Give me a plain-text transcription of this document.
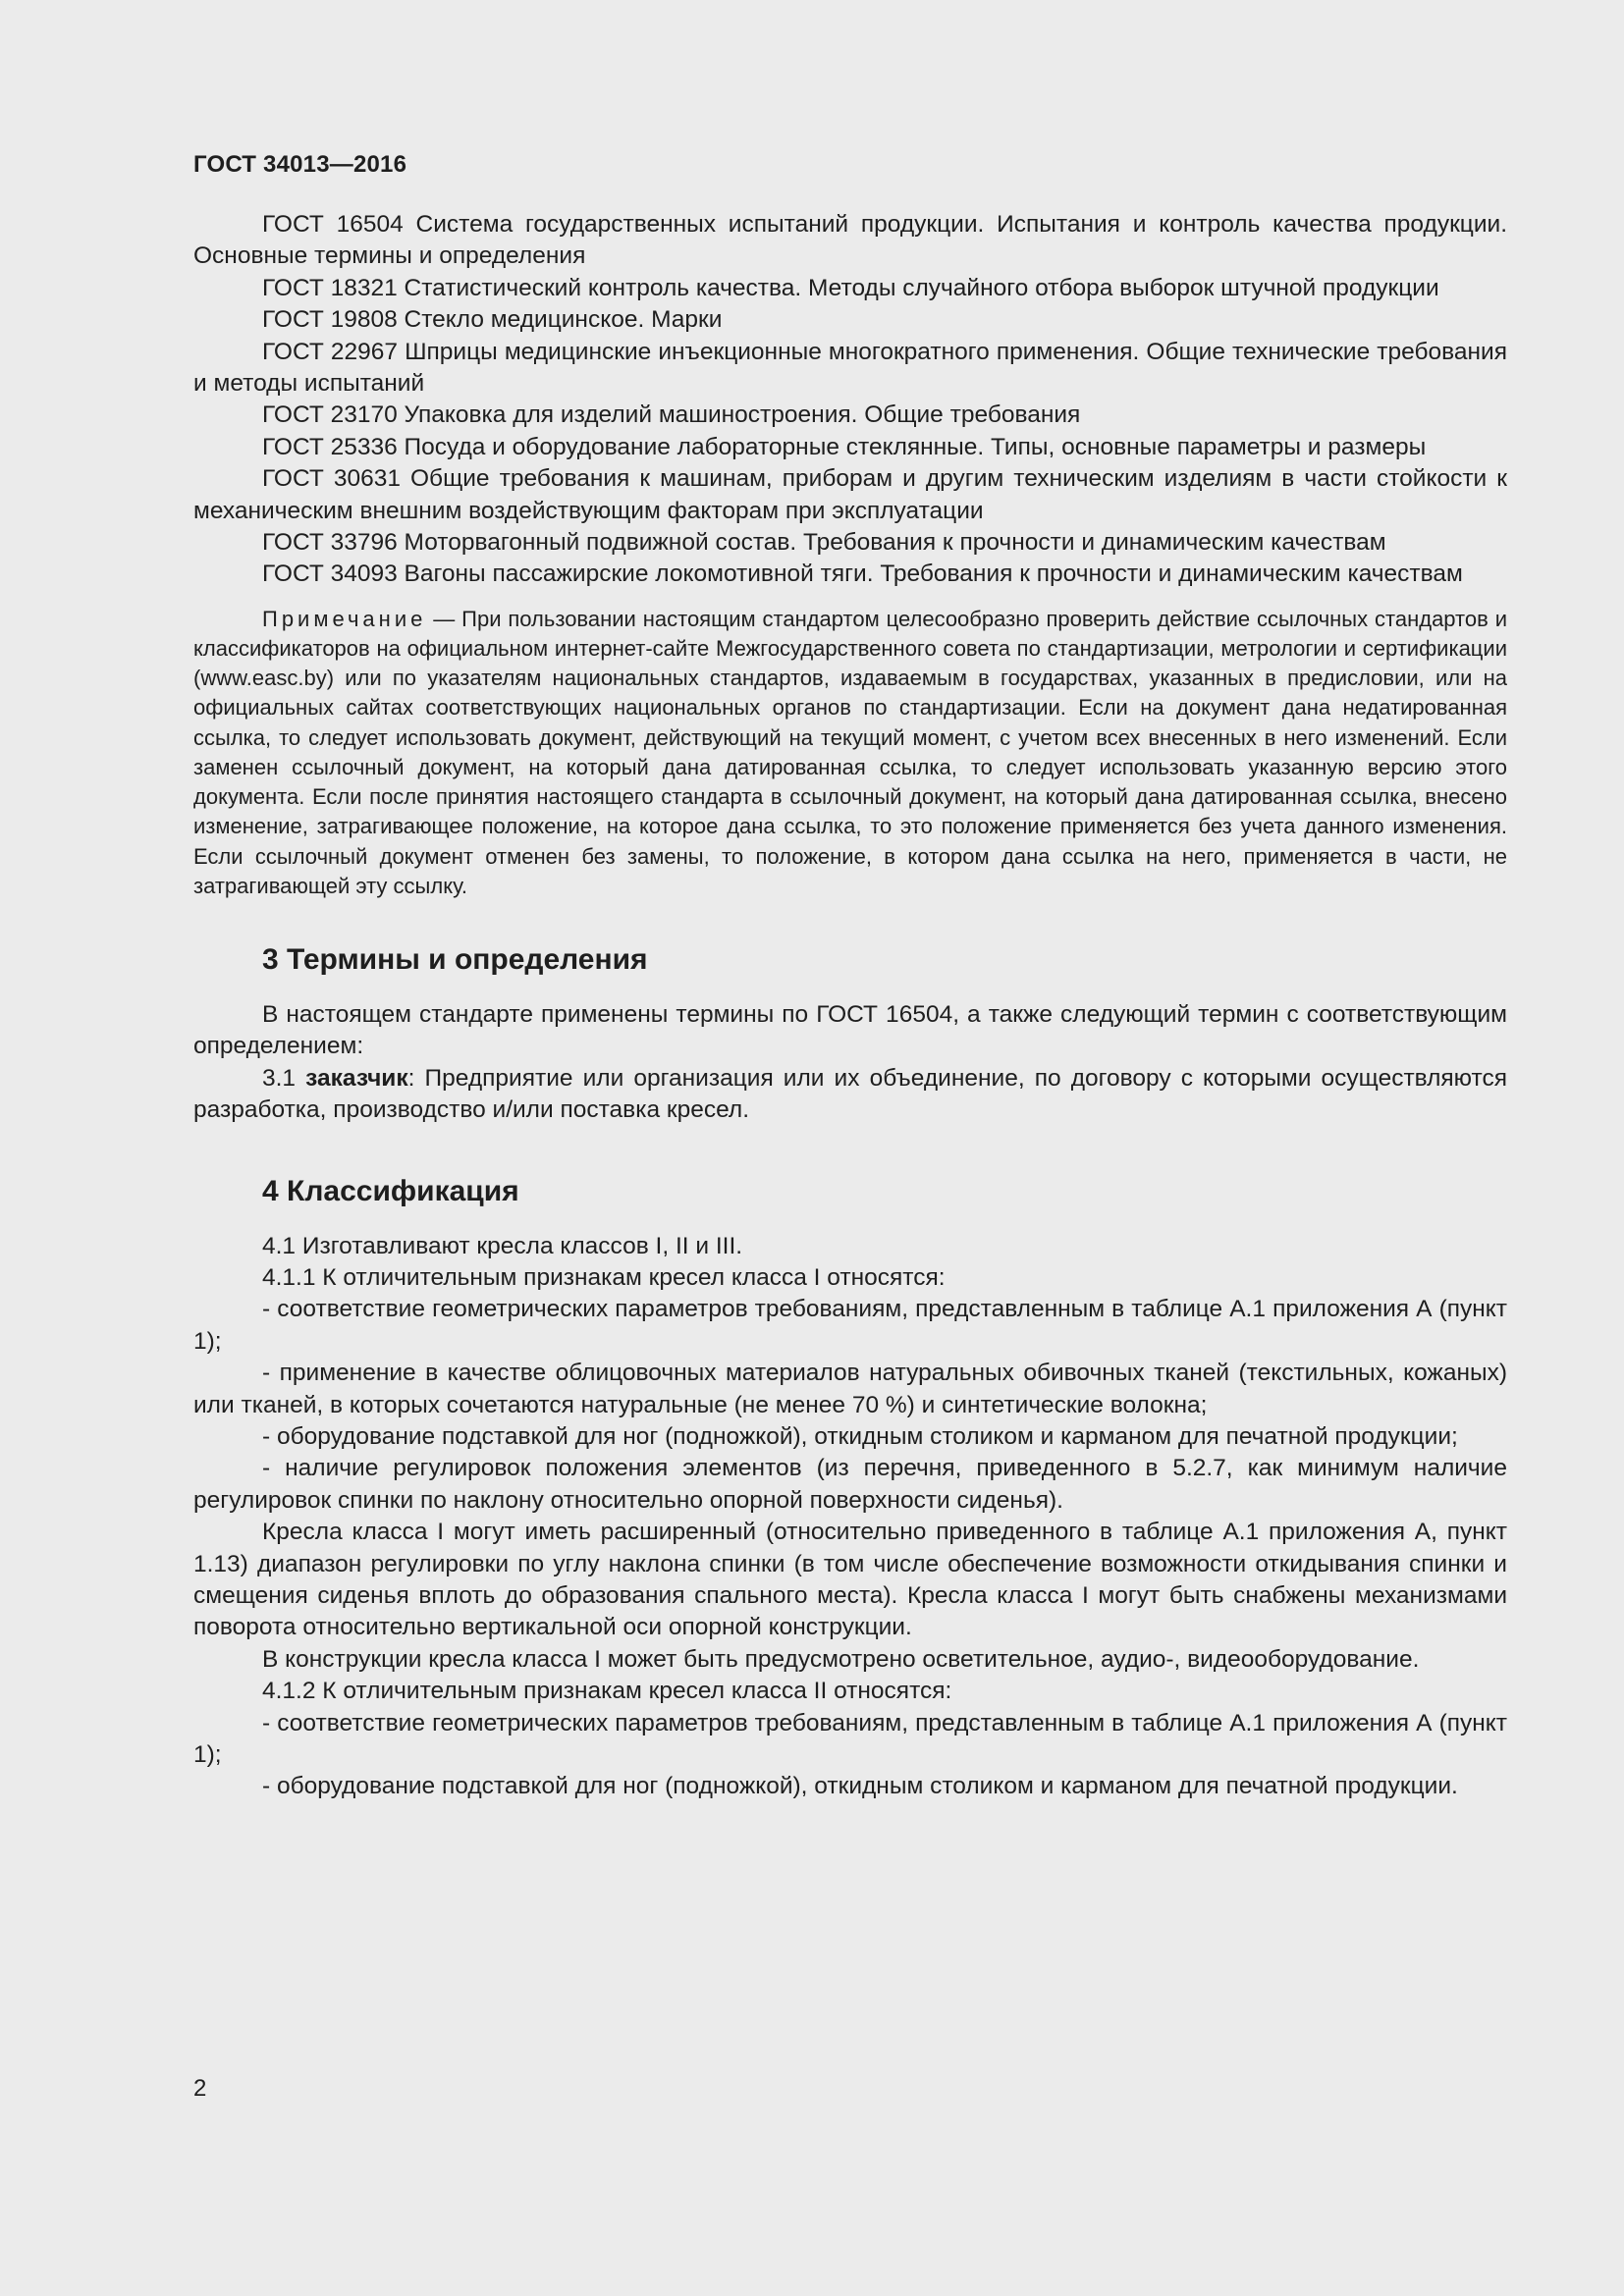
ГОСТ 34013—2016

ГОСТ 16504 Система государственных испытаний продукции. Испытания и контроль качества продукции. Основные термины и определения

ГОСТ 18321 Статистический контроль качества. Методы случайного отбора выборок штучной продукции

ГОСТ 19808 Стекло медицинское. Марки

ГОСТ 22967 Шприцы медицинские инъекционные многократного применения. Общие технические требования и методы испытаний

ГОСТ 23170 Упаковка для изделий машиностроения. Общие требования

ГОСТ 25336 Посуда и оборудование лабораторные стеклянные. Типы, основные параметры и размеры

ГОСТ 30631 Общие требования к машинам, приборам и другим техническим изделиям в части стойкости к механическим внешним воздействующим факторам при эксплуатации

ГОСТ 33796 Моторвагонный подвижной состав. Требования к прочности и динамическим качествам

ГОСТ 34093 Вагоны пассажирские локомотивной тяги. Требования к прочности и динамическим качествам

Примечание — При пользовании настоящим стандартом целесообразно проверить действие ссылочных стандартов и классификаторов на официальном интернет-сайте Межгосударственного совета по стандартизации, метрологии и сертификации (www.easc.by) или по указателям национальных стандартов, издаваемым в государствах, указанных в предисловии, или на официальных сайтах соответствующих национальных органов по стандартизации. Если на документ дана недатированная ссылка, то следует использовать документ, действующий на текущий момент, с учетом всех внесенных в него изменений. Если заменен ссылочный документ, на который дана датированная ссылка, то следует использовать указанную версию этого документа. Если после принятия настоящего стандарта в ссылочный документ, на который дана датированная ссылка, внесено изменение, затрагивающее положение, на которое дана ссылка, то это положение применяется без учета данного изменения. Если ссылочный документ отменен без замены, то положение, в котором дана ссылка на него, применяется в части, не затрагивающей эту ссылку.

3 Термины и определения

В настоящем стандарте применены термины по ГОСТ 16504, а также следующий термин с соответствующим определением:

3.1 заказчик: Предприятие или организация или их объединение, по договору с которыми осуществляются разработка, производство и/или поставка кресел.

4 Классификация

4.1 Изготавливают кресла классов I, II и III.

4.1.1 К отличительным признакам кресел класса I относятся:

- соответствие геометрических параметров требованиям, представленным в таблице А.1 приложения А (пункт 1);

- применение в качестве облицовочных материалов натуральных обивочных тканей (текстильных, кожаных) или тканей, в которых сочетаются натуральные (не менее 70 %) и синтетические волокна;

- оборудование подставкой для ног (подножкой), откидным столиком и карманом для печатной продукции;

- наличие регулировок положения элементов (из перечня, приведенного в 5.2.7, как минимум наличие регулировок спинки по наклону относительно опорной поверхности сиденья).

Кресла класса I могут иметь расширенный (относительно приведенного в таблице А.1 приложения А, пункт 1.13) диапазон регулировки по углу наклона спинки (в том числе обеспечение возможности откидывания спинки и смещения сиденья вплоть до образования спального места). Кресла класса I могут быть снабжены механизмами поворота относительно вертикальной оси опорной конструкции.

В конструкции кресла класса I может быть предусмотрено осветительное, аудио-, видеооборудование.

4.1.2 К отличительным признакам кресел класса II относятся:

- соответствие геометрических параметров требованиям, представленным в таблице А.1 приложения А (пункт 1);

- оборудование подставкой для ног (подножкой), откидным столиком и карманом для печатной продукции.

2
